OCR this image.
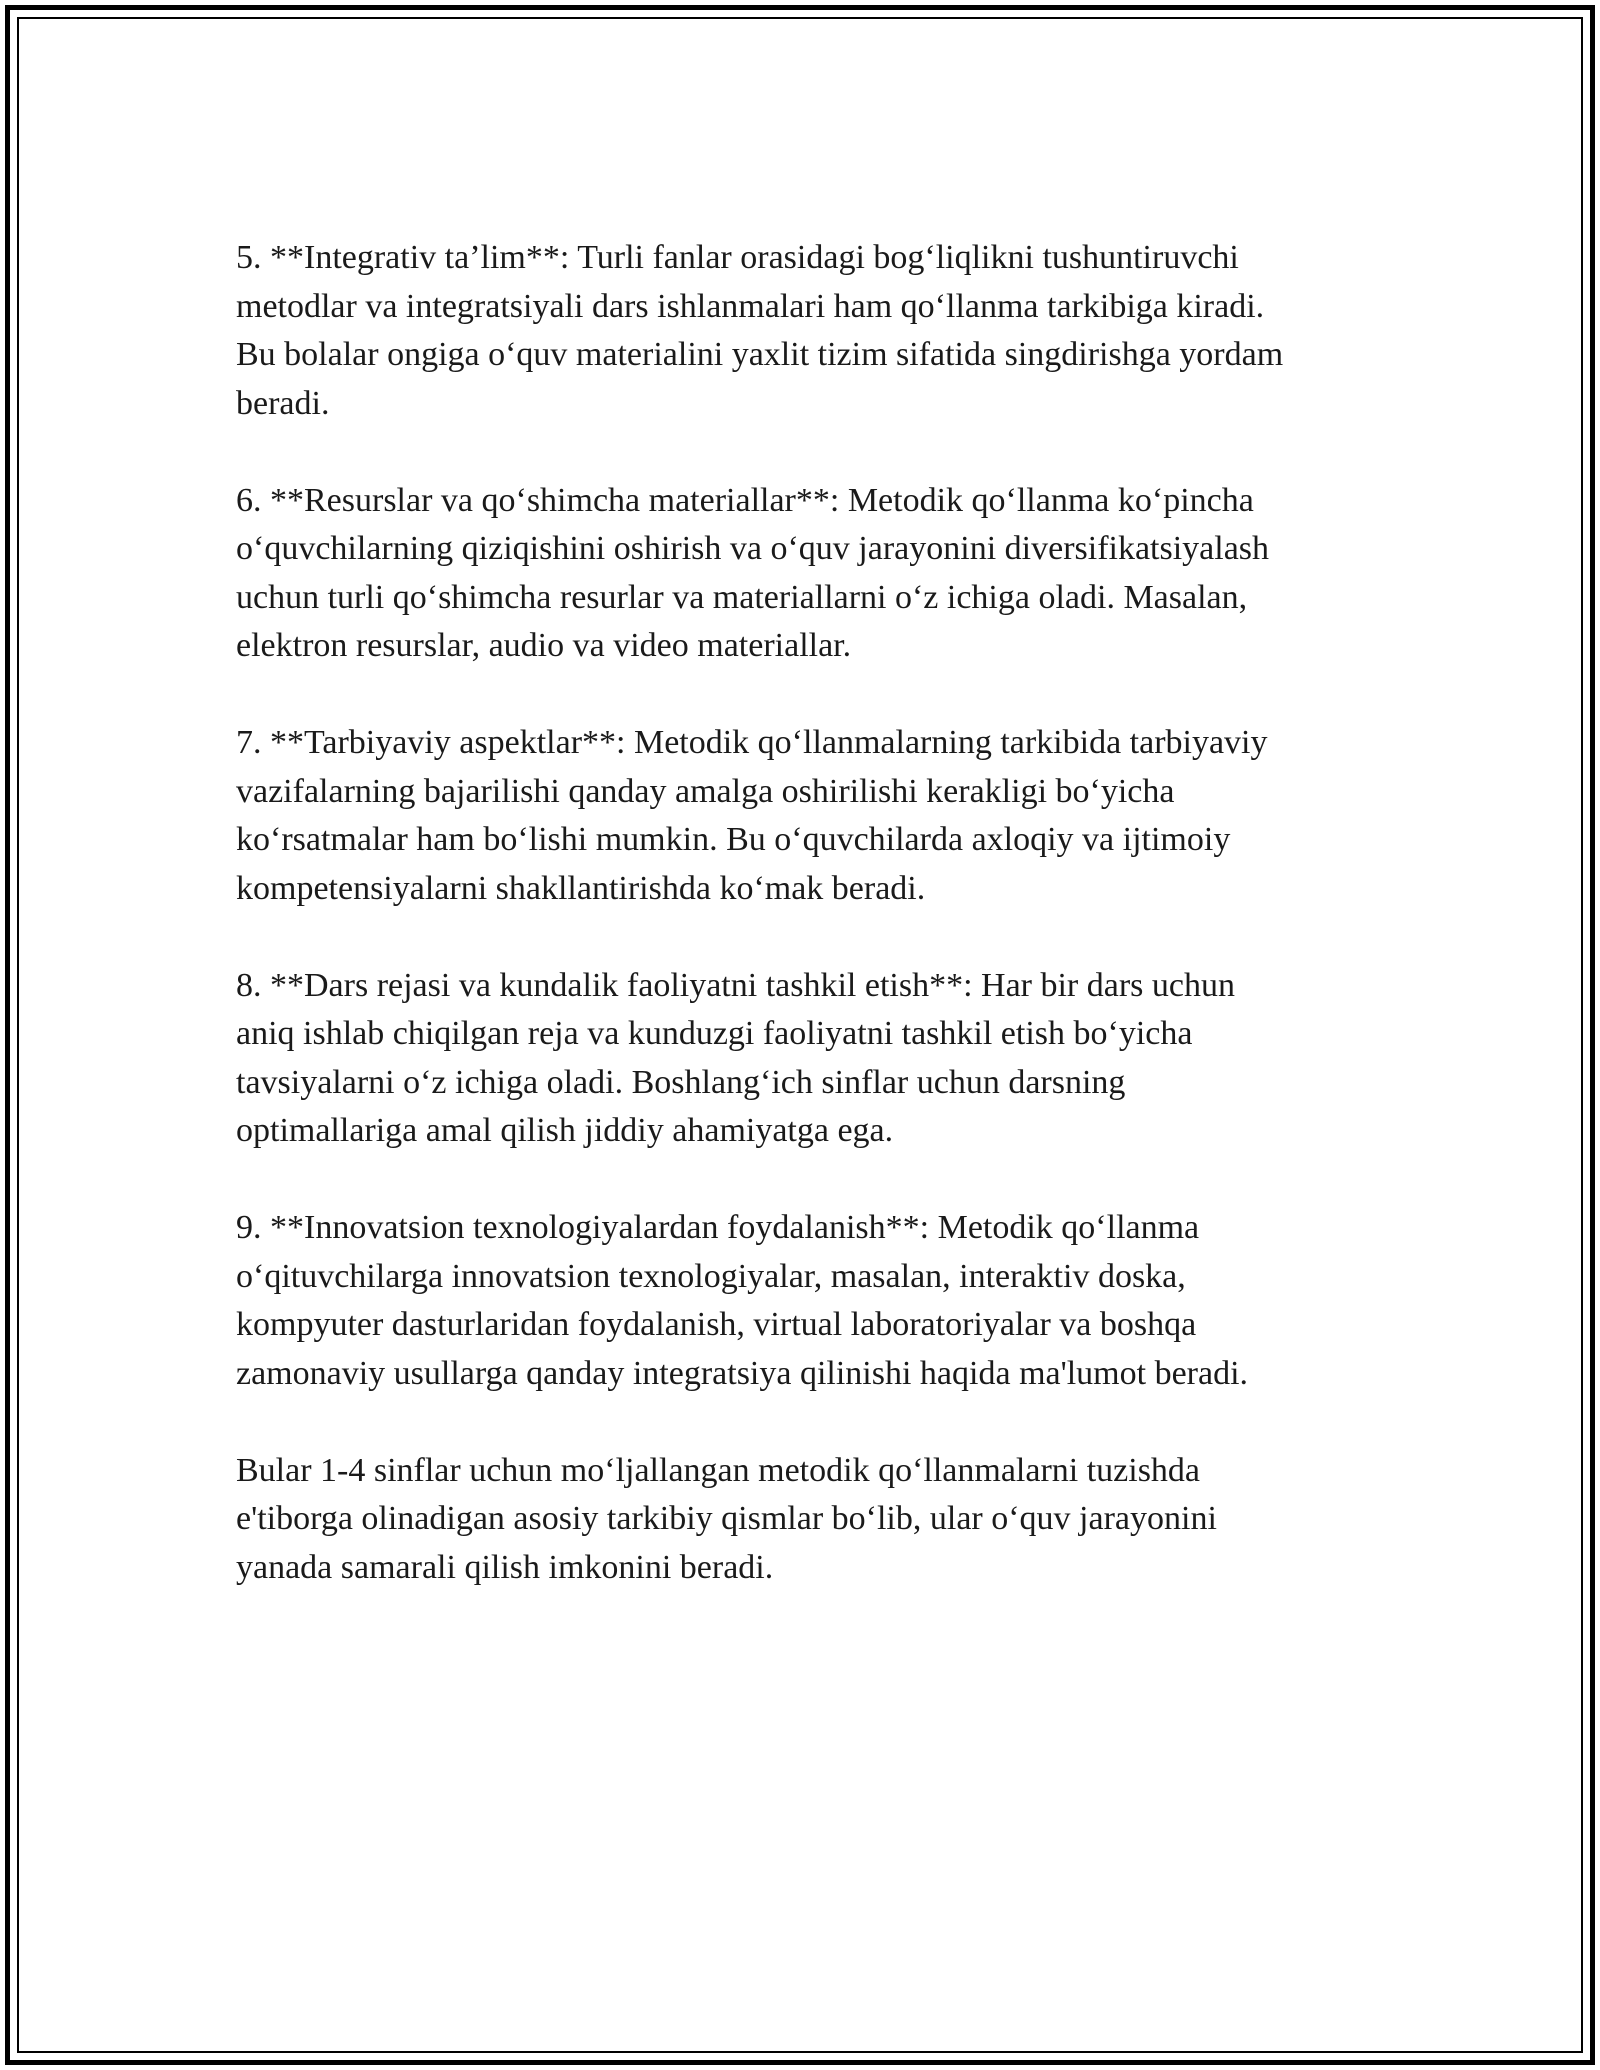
5. **Integrativ ta’lim**: Turli fanlar orasidagi bog‘liqlikni tushuntiruvchi
metodlar va integratsiyali dars ishlanmalari ham qo‘llanma tarkibiga kiradi.
Bu bolalar ongiga o‘quv materialini yaxlit tizim sifatida singdirishga yordam
beradi.

6. **Resurslar va qo‘shimcha materiallar**: Metodik qo‘llanma ko‘pincha
o‘quvchilarning qiziqishini oshirish va o‘quv jarayonini diversifikatsiyalash
uchun turli qo‘shimcha resurlar va materiallarni o‘z ichiga oladi. Masalan,
elektron resurslar, audio va video materiallar.

7. **Tarbiyaviy aspektlar**: Metodik qo‘llanmalarning tarkibida tarbiyaviy
vazifalarning bajarilishi qanday amalga oshirilishi kerakligi bo‘yicha
ko‘rsatmalar ham bo‘lishi mumkin. Bu o‘quvchilarda axloqiy va ijtimoiy
kompetensiyalarni shakllantirishda ko‘mak beradi.

8. **Dars rejasi va kundalik faoliyatni tashkil etish**: Har bir dars uchun
aniq ishlab chiqilgan reja va kunduzgi faoliyatni tashkil etish bo‘yicha
tavsiyalarni o‘z ichiga oladi. Boshlang‘ich sinflar uchun darsning
optimallariga amal qilish jiddiy ahamiyatga ega.

9. **Innovatsion texnologiyalardan foydalanish**: Metodik qo‘llanma
o‘qituvchilarga innovatsion texnologiyalar, masalan, interaktiv doska,
kompyuter dasturlaridan foydalanish, virtual laboratoriyalar va boshqa
zamonaviy usullarga qanday integratsiya qilinishi haqida ma'lumot beradi.

Bular 1-4 sinflar uchun mo‘ljallangan metodik qo‘llanmalarni tuzishda
e'tiborga olinadigan asosiy tarkibiy qismlar bo‘lib, ular o‘quv jarayonini
yanada samarali qilish imkonini beradi.
